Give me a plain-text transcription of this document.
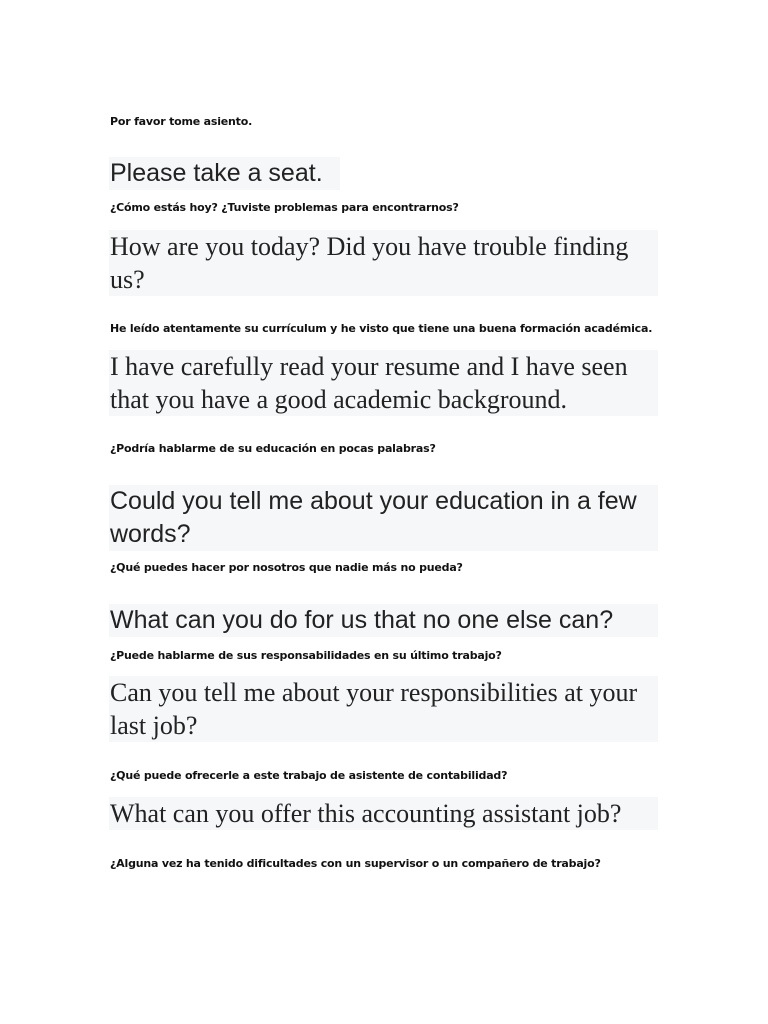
Por favor tome asiento.
Please take a seat.
¿Cómo estás hoy? ¿Tuviste problemas para encontrarnos?
How are you today? Did you have trouble finding us?
He leído atentamente su currículum y he visto que tiene una buena formación académica.
I have carefully read your resume and I have seen that you have a good academic background.
¿Podría hablarme de su educación en pocas palabras?
Could you tell me about your education in a few words?
¿Qué puedes hacer por nosotros que nadie más no pueda?
What can you do for us that no one else can?
¿Puede hablarme de sus responsabilidades en su último trabajo?
Can you tell me about your responsibilities at your last job?
¿Qué puede ofrecerle a este trabajo de asistente de contabilidad?
What can you offer this accounting assistant job?
¿Alguna vez ha tenido dificultades con un supervisor o un compañero de trabajo?
